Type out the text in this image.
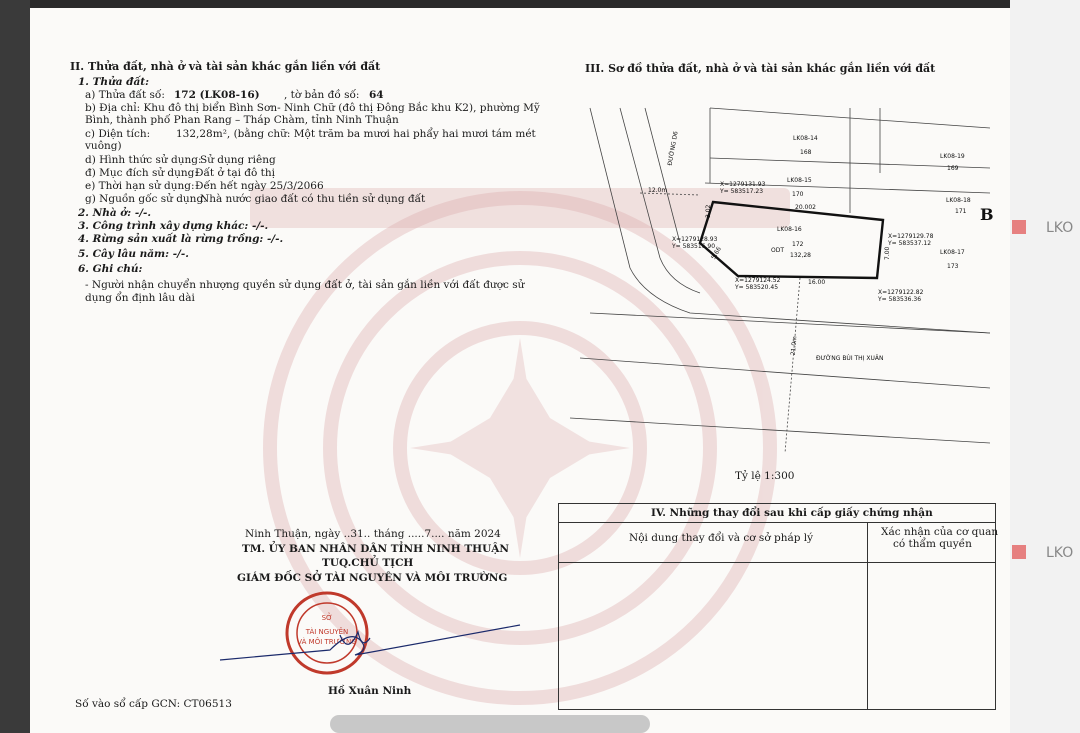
LKO
LKO
II. Thửa đất, nhà ở và tài sản khác gắn liền với đất
1. Thửa đất:
a) Thửa đất số: 172 (LK08-16) , tờ bản đồ số: 64
b) Địa chỉ: Khu đô thị biển Bình Sơn- Ninh Chữ (đô thị Đông Bắc khu K2), phường Mỹ
Bình, thành phố Phan Rang – Tháp Chàm, tỉnh Ninh Thuận
c) Diện tích: 132,28m², (bằng chữ: Một trăm ba mươi hai phẩy hai mươi tám mét
vuông)
d) Hình thức sử dụng:
Sử dụng riêng
đ) Mục đích sử dụng:
Đất ở tại đô thị
e) Thời hạn sử dụng: Đến hết ngày 25/3/2066
g) Nguồn gốc sử dụng:
Nhà nước giao đất có thu tiền sử dụng đất
2. Nhà ở: -/-.
3. Công trình xây dựng khác: -/-.
4. Rừng sản xuất là rừng trồng: -/-.
5. Cây lâu năm: -/-.
6. Ghi chú:
- Người nhận chuyển nhượng quyền sử dụng đất ở, tài sản gắn liền với đất được sử
dụng ổn định lâu dài
III. Sơ đồ thửa đất, nhà ở và tài sản khác gắn liền với đất
LK08-14
168
LK08-19
169
LK08-15
170
LK08-18
171
LK08-16
172
ODT
132,28	LK08-17
173
20.002
16.00
7.00
3.02
5.66
12.0m
21.0m
ĐƯỜNG D6
ĐƯỜNG BÙI THỊ XUÂN
X=1279131.93
Y= 583517.23
X=1279129.78
Y= 583537.12
X=1279128.93
Y= 583516.90
X=1279124.52
Y= 583520.45
X=1279122.82
Y= 583536.36
B
Tỷ lệ 1:300
Ninh Thuận, ngày ..31.. tháng .....7.... năm 2024
TM. ỦY BAN NHÂN DÂN TỈNH NINH THUẬN
TUQ.CHỦ TỊCH
GIÁM ĐỐC SỞ TÀI NGUYÊN VÀ MÔI TRƯỜNG
SỞ
TÀI NGUYÊN
VÀ MÔI TRƯỜNG
Hồ Xuân Ninh
Số vào sổ cấp GCN: CT06513
IV. Những thay đổi sau khi cấp giấy chứng nhận
Nội dung thay đổi và cơ sở pháp lý	Xác nhận của cơ quan
có thẩm quyền
